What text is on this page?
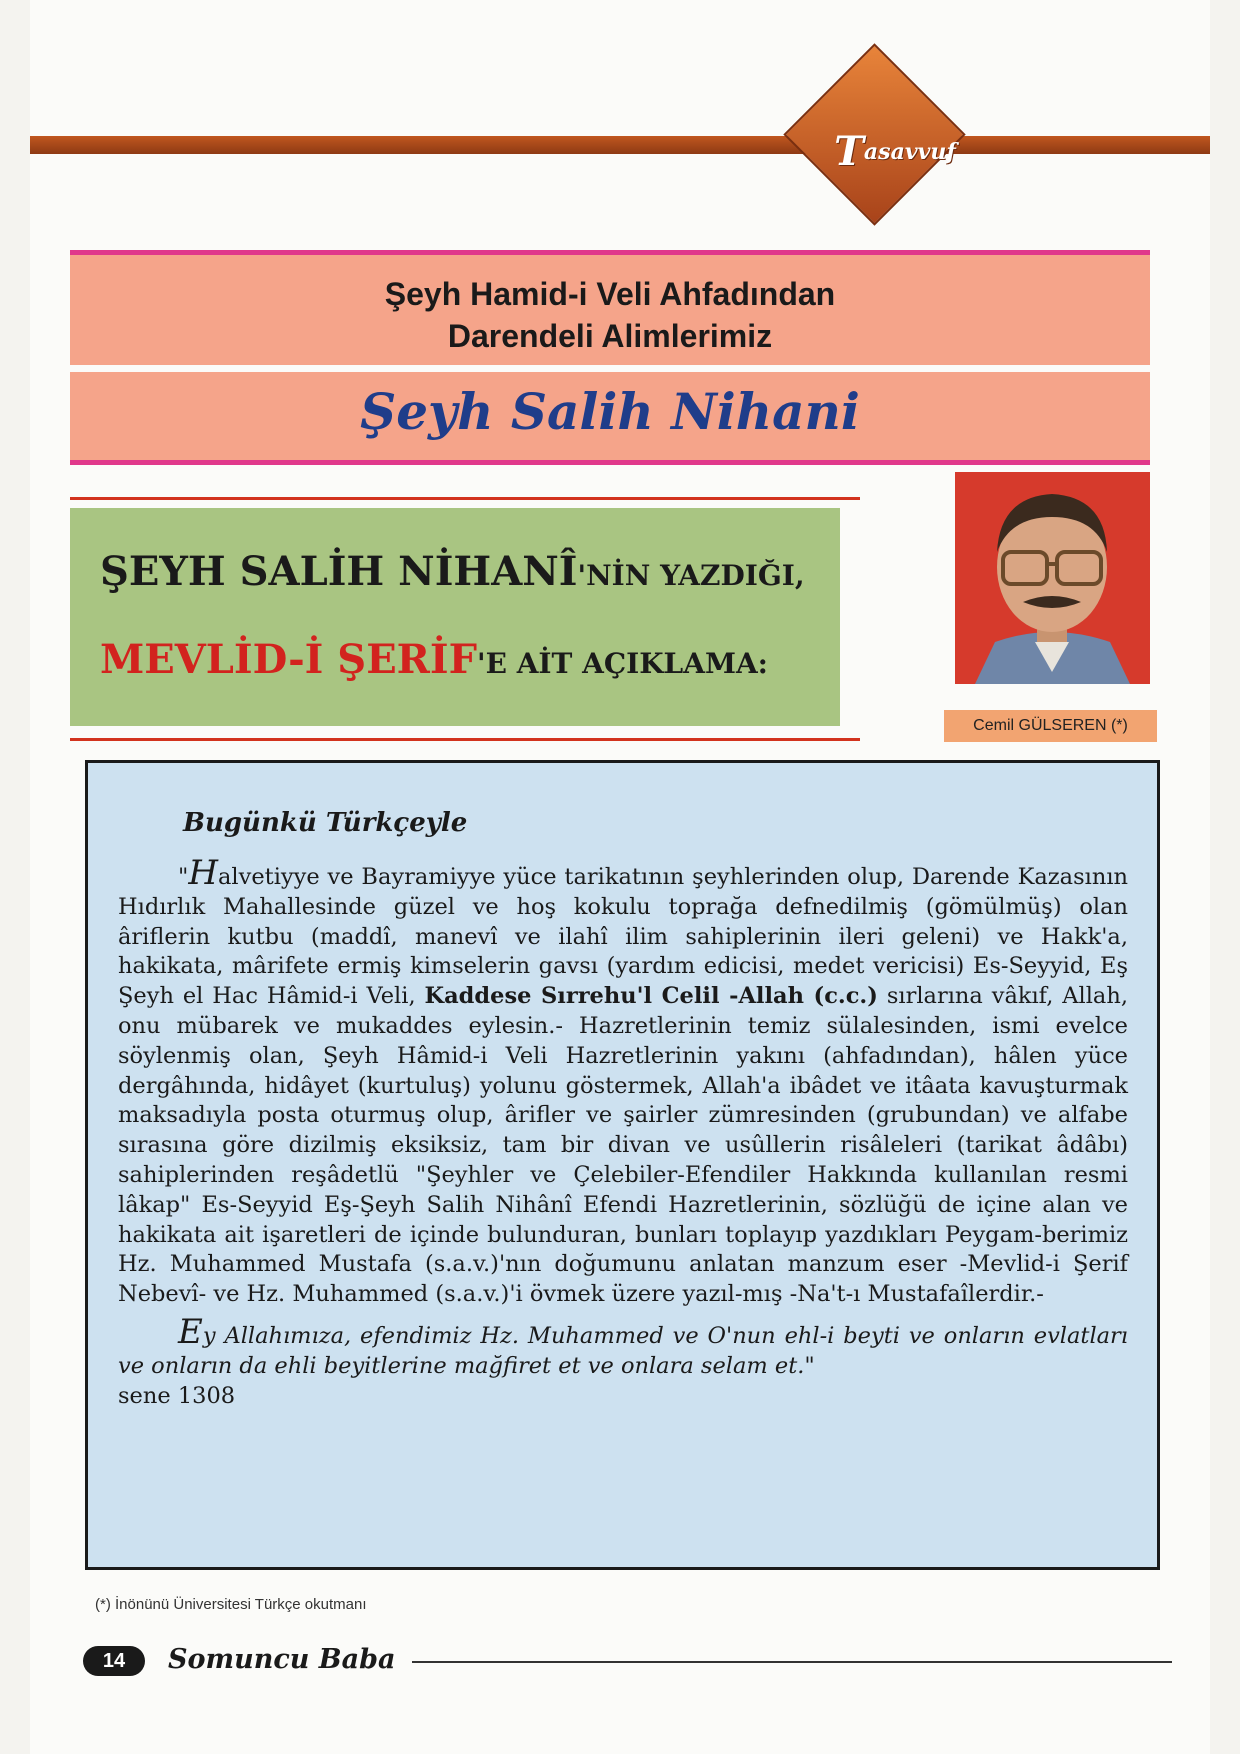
Tasavvuf
Şeyh Hamid-i Veli Ahfadından
Darendeli Alimlerimiz
Şeyh Salih Nihani
ŞEYH SALİH NİHANÎ'NİN YAZDIĞI,
MEVLİD-İ ŞERİF'E AİT AÇIKLAMA:
Cemil GÜLSEREN (*)
Bugünkü Türkçeyle
"Halvetiyye ve Bayramiyye yüce tarikatının şeyhlerinden olup, Darende Kazasının Hıdırlık Mahallesinde güzel ve hoş kokulu toprağa defnedilmiş (gömülmüş) olan âriflerin kutbu (maddî, manevî ve ilahî ilim sahiplerinin ileri geleni) ve Hakk'a, hakikata, mârifete ermiş kimselerin gavsı (yardım edicisi, medet vericisi) Es-Seyyid, Eş Şeyh el Hac Hâmid-i Veli, Kaddese Sırrehu'l Celil -Allah (c.c.) sırlarına vâkıf, Allah, onu mübarek ve mukaddes eylesin.- Hazretlerinin temiz sülalesinden, ismi evelce söylenmiş olan, Şeyh Hâmid-i Veli Hazretlerinin yakını (ahfadından), hâlen yüce dergâhında, hidâyet (kurtuluş) yolunu göstermek, Allah'a ibâdet ve itâata kavuşturmak maksadıyla posta oturmuş olup, ârifler ve şairler zümresinden (grubundan) ve alfabe sırasına göre dizilmiş eksiksiz, tam bir divan ve usûllerin risâleleri (tarikat âdâbı) sahiplerinden reşâdetlü "Şeyhler ve Çelebiler-Efendiler Hakkında kullanılan resmi lâkap" Es-Seyyid Eş-Şeyh Salih Nihânî Efendi Hazretlerinin, sözlüğü de içine alan ve hakikata ait işaretleri de içinde bulunduran, bunları toplayıp yazdıkları Peygam-berimiz Hz. Muhammed Mustafa (s.a.v.)'nın doğumunu anlatan manzum eser -Mevlid-i Şerif Nebevî- ve Hz. Muhammed (s.a.v.)'i övmek üzere yazıl-mış -Na't-ı Mustafaîlerdir.-
Ey Allahımıza, efendimiz Hz. Muhammed ve O'nun ehl-i beyti ve onların evlatları ve onların da ehli beyitlerine mağfiret et ve onlara selam et."
sene 1308
(*) İnönünü Üniversitesi Türkçe okutmanı
14	Somuncu Baba
